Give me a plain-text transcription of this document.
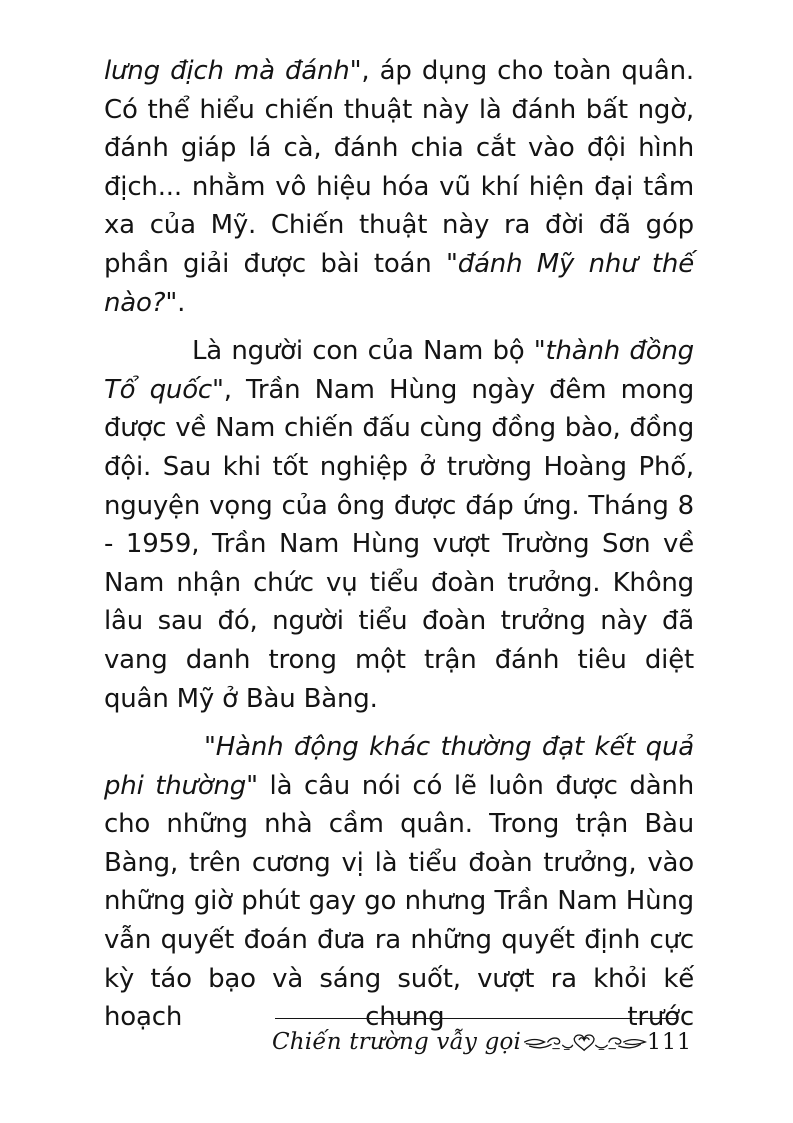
lưng địch mà đánh", áp dụng cho toàn quân. Có thể hiểu chiến thuật này là đánh bất ngờ, đánh giáp lá cà, đánh chia cắt vào đội hình địch... nhằm vô hiệu hóa vũ khí hiện đại tầm xa của Mỹ. Chiến thuật này ra đời đã góp phần giải được bài toán "đánh Mỹ như thế nào?".

Là người con của Nam bộ "thành đồng Tổ quốc", Trần Nam Hùng ngày đêm mong được về Nam chiến đấu cùng đồng bào, đồng đội. Sau khi tốt nghiệp ở trường Hoàng Phố, nguyện vọng của ông được đáp ứng. Tháng 8 - 1959, Trần Nam Hùng vượt Trường Sơn về Nam nhận chức vụ tiểu đoàn trưởng. Không lâu sau đó, người tiểu đoàn trưởng này đã vang danh trong một trận đánh tiêu diệt quân Mỹ ở Bàu Bàng.

"Hành động khác thường đạt kết quả phi thường" là câu nói có lẽ luôn được dành cho những nhà cầm quân. Trong trận Bàu Bàng, trên cương vị là tiểu đoàn trưởng, vào những giờ phút gay go nhưng Trần Nam Hùng vẫn quyết đoán đưa ra những quyết định cực kỳ táo bạo và sáng suốt, vượt ra khỏi kế hoạch chung trước

Chiến trường vẫy gọi	111
